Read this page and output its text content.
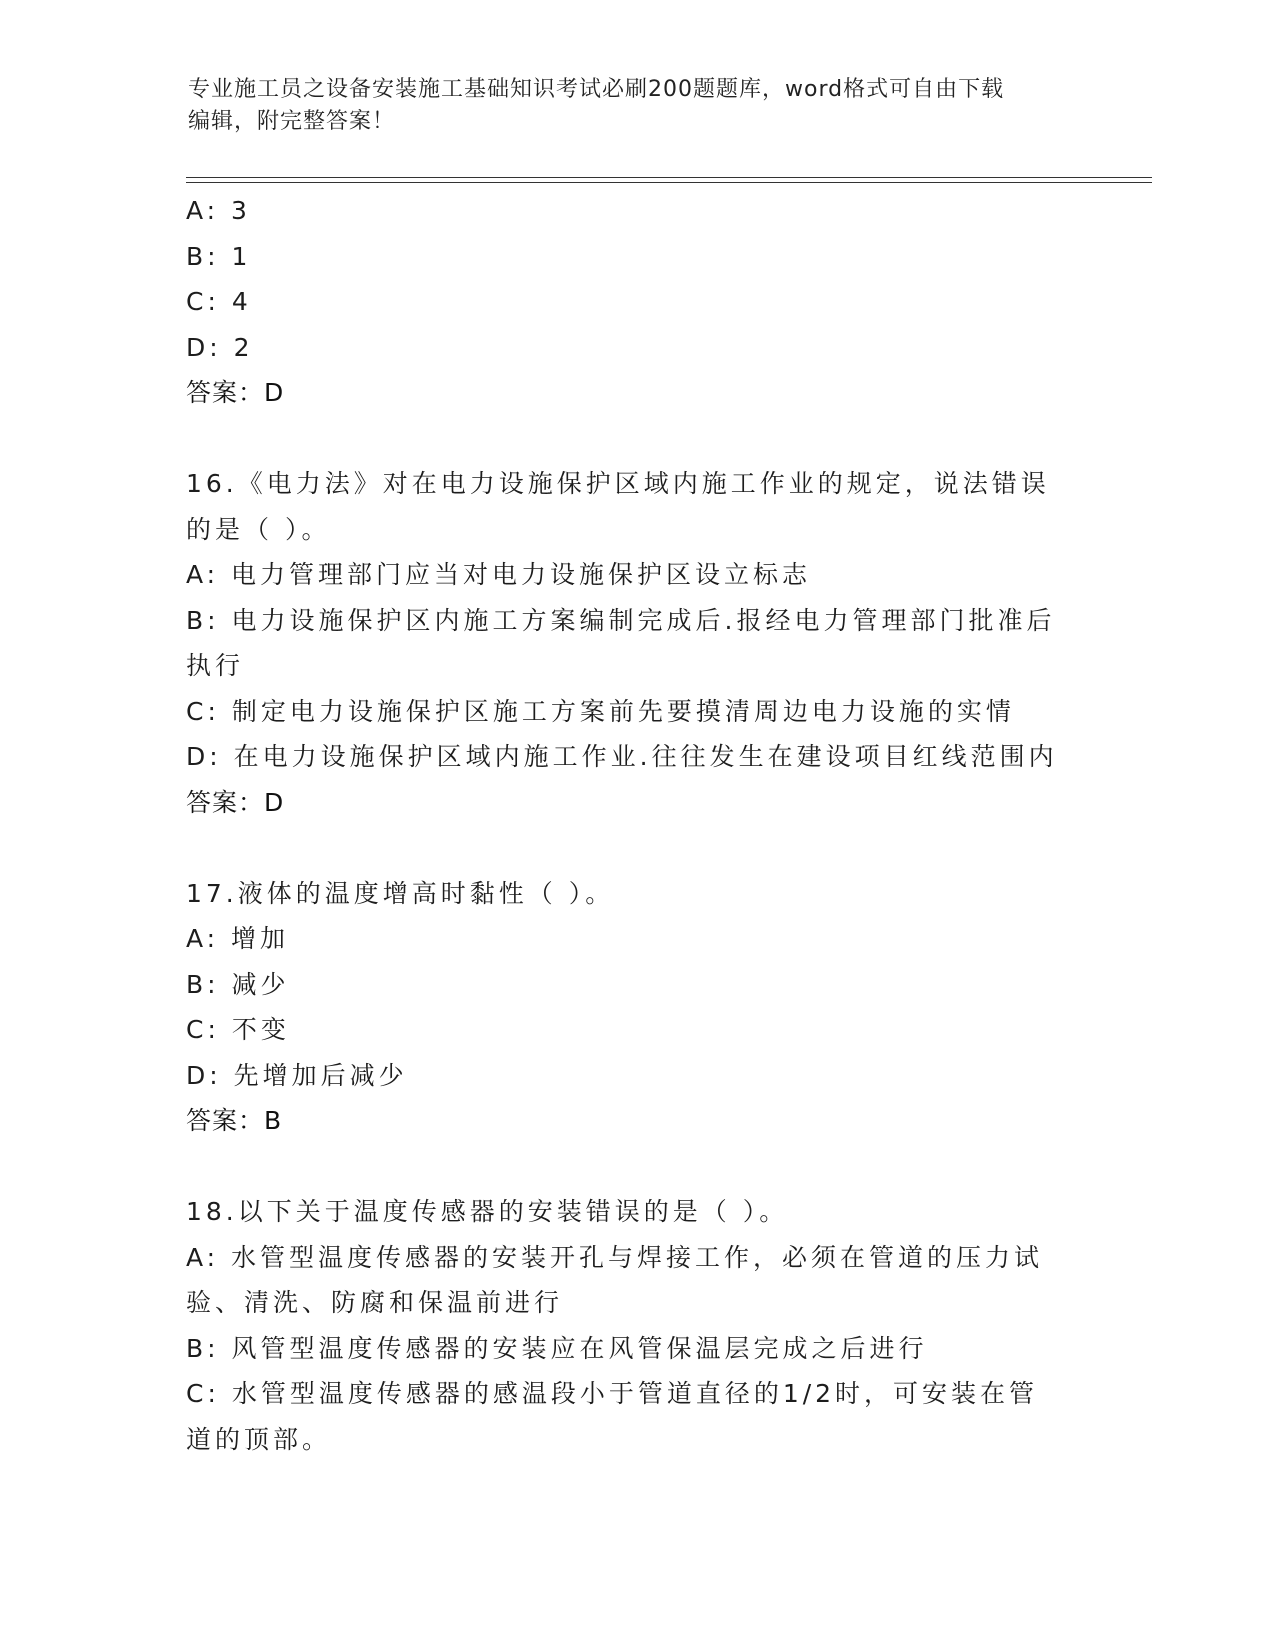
专业施工员之设备安装施工基础知识考试必刷200题题库，word格式可自由下载
编辑，附完整答案！
A: 3
B: 1
C: 4
D: 2
答案：D
16.《电力法》对在电力设施保护区域内施工作业的规定，说法错误的是（ ）。
A: 电力管理部门应当对电力设施保护区设立标志
B: 电力设施保护区内施工方案编制完成后.报经电力管理部门批准后执行
C: 制定电力设施保护区施工方案前先要摸清周边电力设施的实情
D: 在电力设施保护区域内施工作业.往往发生在建设项目红线范围内
答案：D
17.液体的温度增高时黏性（ ）。
A: 增加
B: 减少
C: 不变
D: 先增加后减少
答案：B
18.以下关于温度传感器的安装错误的是（ ）。
A: 水管型温度传感器的安装开孔与焊接工作，必须在管道的压力试验、清洗、防腐和保温前进行
B: 风管型温度传感器的安装应在风管保温层完成之后进行
C: 水管型温度传感器的感温段小于管道直径的1/2时，可安装在管道的顶部。
